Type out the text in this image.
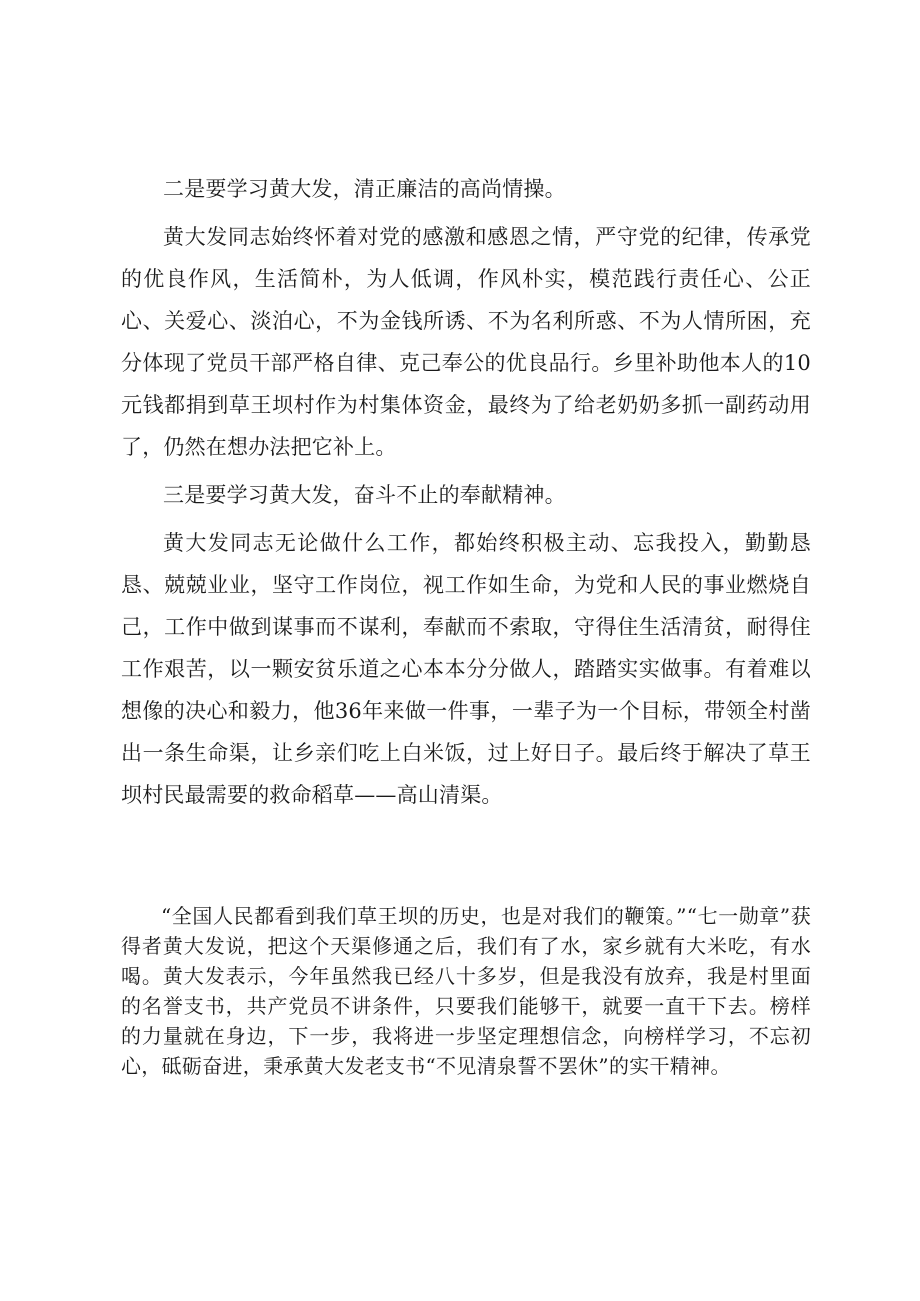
二是要学习黄大发，清正廉洁的高尚情操。

黄大发同志始终怀着对党的感激和感恩之情，严守党的纪律，传承党的优良作风，生活简朴，为人低调，作风朴实，模范践行责任心、公正心、关爱心、淡泊心，不为金钱所诱、不为名利所惑、不为人情所困，充分体现了党员干部严格自律、克己奉公的优良品行。乡里补助他本人的10元钱都捐到草王坝村作为村集体资金，最终为了给老奶奶多抓一副药动用了，仍然在想办法把它补上。

三是要学习黄大发，奋斗不止的奉献精神。

黄大发同志无论做什么工作，都始终积极主动、忘我投入，勤勤恳恳、兢兢业业，坚守工作岗位，视工作如生命，为党和人民的事业燃烧自己，工作中做到谋事而不谋利，奉献而不索取，守得住生活清贫，耐得住工作艰苦，以一颗安贫乐道之心本本分分做人，踏踏实实做事。有着难以想像的决心和毅力，他36年来做一件事，一辈子为一个目标，带领全村凿出一条生命渠，让乡亲们吃上白米饭，过上好日子。最后终于解决了草王坝村民最需要的救命稻草——高山清渠。

“全国人民都看到我们草王坝的历史，也是对我们的鞭策。”“七一勋章”获得者黄大发说，把这个天渠修通之后，我们有了水，家乡就有大米吃，有水喝。黄大发表示，今年虽然我已经八十多岁，但是我没有放弃，我是村里面的名誉支书，共产党员不讲条件，只要我们能够干，就要一直干下去。榜样的力量就在身边，下一步，我将进一步坚定理想信念，向榜样学习，不忘初心，砥砺奋进，秉承黄大发老支书“不见清泉誓不罢休”的实干精神。
